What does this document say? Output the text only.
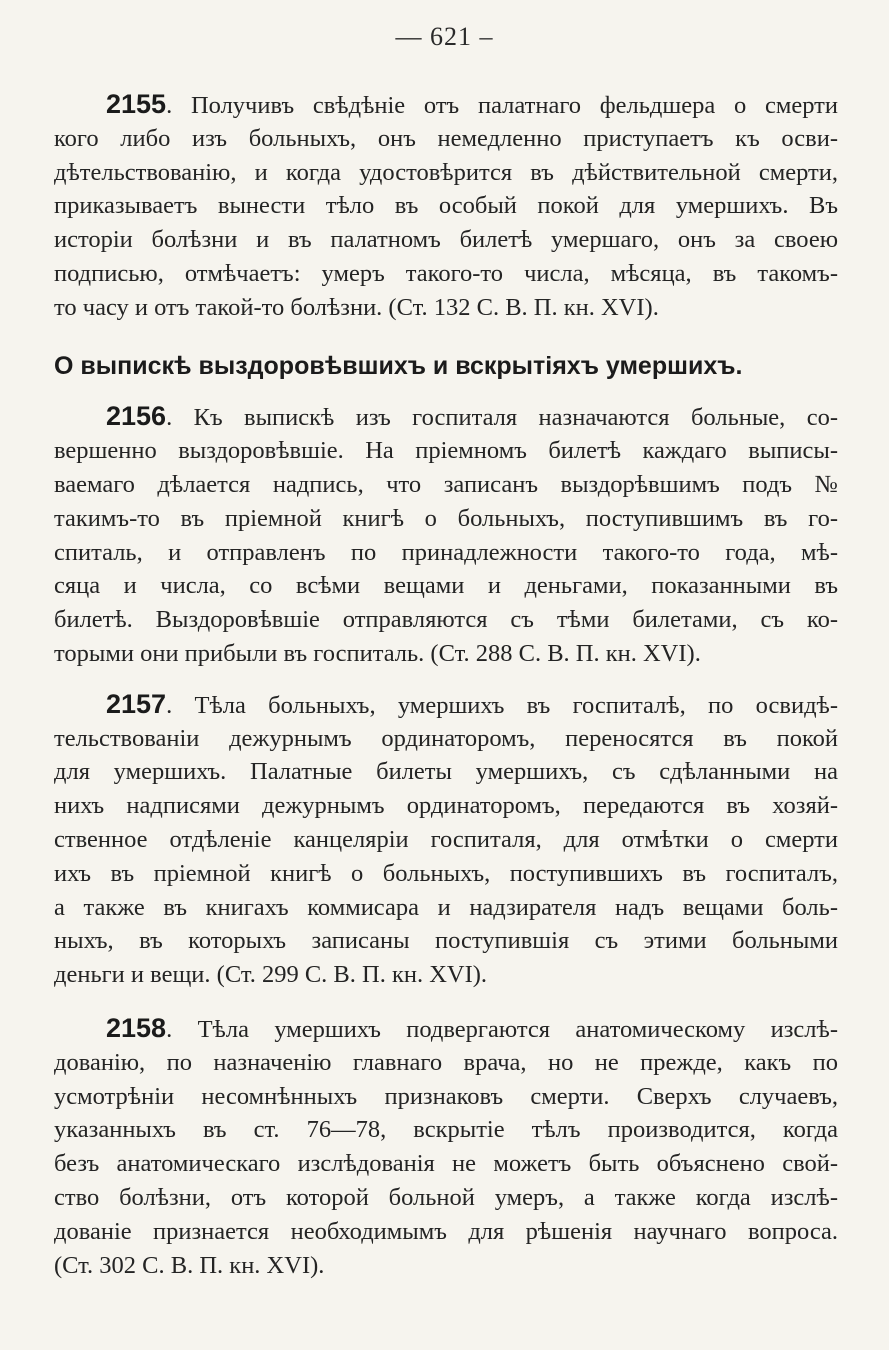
— 621 –
2155. Получивъ свѣдѣнiе отъ палатнаго фельдшера о смерти
кого либо изъ больныхъ, онъ немедленно приступаетъ къ осви-
дѣтельствованiю, и когда удостовѣрится въ дѣйствительной смерти,
приказываетъ вынести тѣло въ особый покой для умершихъ. Въ
исторiи болѣзни и въ палатномъ билетѣ умершаго, онъ за своею
подписью, отмѣчаетъ: умеръ такого-то числа, мѣсяца, въ такомъ-
то часу и отъ такой-то болѣзни. (Ст. 132 С. В. П. кн. XVI).
О выпискѣ выздоровѣвшихъ и вскрытiяхъ умершихъ.
2156. Къ выпискѣ изъ госпиталя назначаются больные, со-
вершенно выздоровѣвшiе. На прiемномъ билетѣ каждаго выписы-
ваемаго дѣлается надпись, что записанъ выздорѣвшимъ подъ №
такимъ-то въ прiемной книгѣ о больныхъ, поступившимъ въ го-
спиталь, и отправленъ по принадлежности такого-то года, мѣ-
сяца и числа, со всѣми вещами и деньгами, показанными въ
билетѣ. Выздоровѣвшiе отправляются съ тѣми билетами, съ ко-
торыми они прибыли въ госпиталь. (Ст. 288 С. В. П. кн. XVI).
2157. Тѣла больныхъ, умершихъ въ госпиталѣ, по освидѣ-
тельствованiи дежурнымъ ординаторомъ, переносятся въ покой
для умершихъ. Палатные билеты умершихъ, съ сдѣланными на
нихъ надписями дежурнымъ ординаторомъ, передаются въ хозяй-
ственное отдѣленiе канцелярiи госпиталя, для отмѣтки о смерти
ихъ въ прiемной книгѣ о больныхъ, поступившихъ въ госпиталъ,
а также въ книгахъ коммисара и надзирателя надъ вещами боль-
ныхъ, въ которыхъ записаны поступившiя съ этими больными
деньги и вещи. (Ст. 299 С. В. П. кн. XVI).
2158. Тѣла умершихъ подвергаются анатомическому изслѣ-
дованiю, по назначенiю главнаго врача, но не прежде, какъ по
усмотрѣнiи несомнѣнныхъ признаковъ смерти. Сверхъ случаевъ,
указанныхъ въ ст. 76—78, вскрытiе тѣлъ производится, когда
безъ анатомическаго изслѣдованiя не можетъ быть объяснено свой-
ство болѣзни, отъ которой больной умеръ, а также когда изслѣ-
дованiе признается необходимымъ для рѣшенiя научнаго вопроса.
(Ст. 302 С. В. П. кн. XVI).
